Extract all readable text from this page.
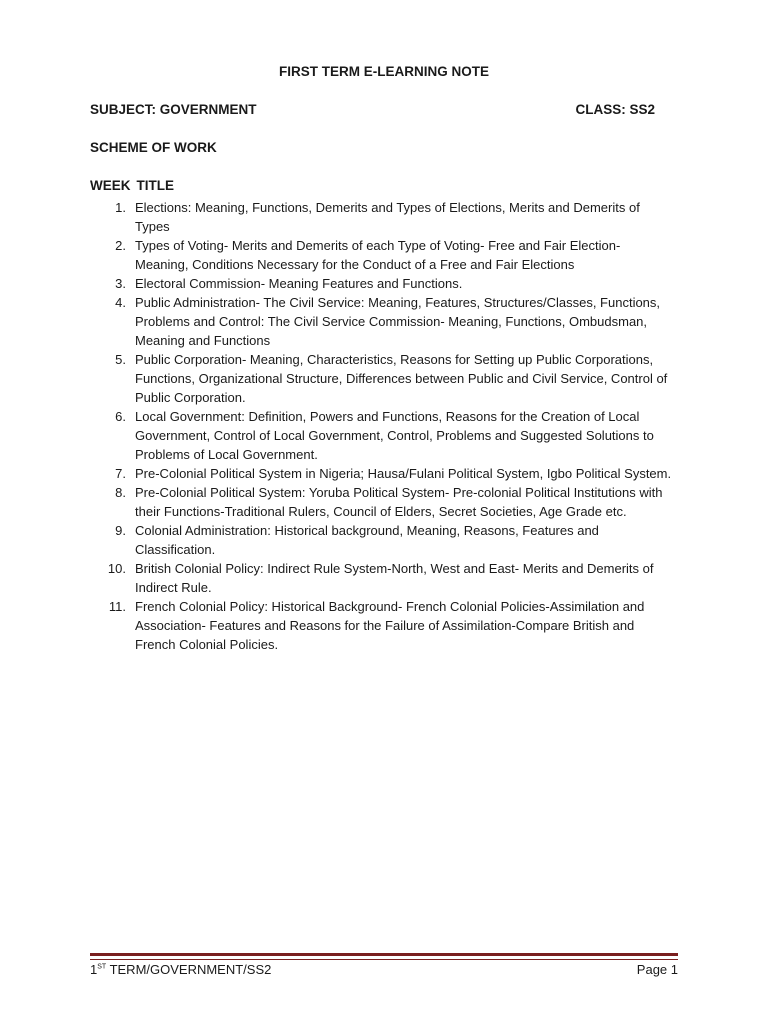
FIRST TERM E-LEARNING NOTE
SUBJECT: GOVERNMENT	CLASS: SS2
SCHEME OF WORK
WEEK TITLE
1. Elections: Meaning, Functions, Demerits and Types of Elections, Merits and Demerits of Types
2. Types of Voting- Merits and Demerits of each Type of Voting- Free and Fair Election- Meaning, Conditions Necessary for the Conduct of a Free and Fair Elections
3. Electoral Commission- Meaning Features and Functions.
4. Public Administration- The Civil Service: Meaning, Features, Structures/Classes, Functions, Problems and Control: The Civil Service Commission- Meaning, Functions, Ombudsman, Meaning and Functions
5. Public Corporation- Meaning, Characteristics, Reasons for Setting up Public Corporations, Functions, Organizational Structure, Differences between Public and Civil Service, Control of Public Corporation.
6. Local Government: Definition, Powers and Functions, Reasons for the Creation of Local Government, Control of Local Government, Control, Problems and Suggested Solutions to Problems of Local Government.
7. Pre-Colonial Political System in Nigeria; Hausa/Fulani Political System, Igbo Political System.
8. Pre-Colonial Political System: Yoruba Political System- Pre-colonial Political Institutions with their Functions-Traditional Rulers, Council of Elders, Secret Societies, Age Grade etc.
9. Colonial Administration: Historical background, Meaning, Reasons, Features and Classification.
10. British Colonial Policy: Indirect Rule System-North, West and East- Merits and Demerits of Indirect Rule.
11. French Colonial Policy: Historical Background- French Colonial Policies-Assimilation and Association- Features and Reasons for the Failure of Assimilation-Compare British and French Colonial Policies.
1ST TERM/GOVERNMENT/SS2	Page 1
